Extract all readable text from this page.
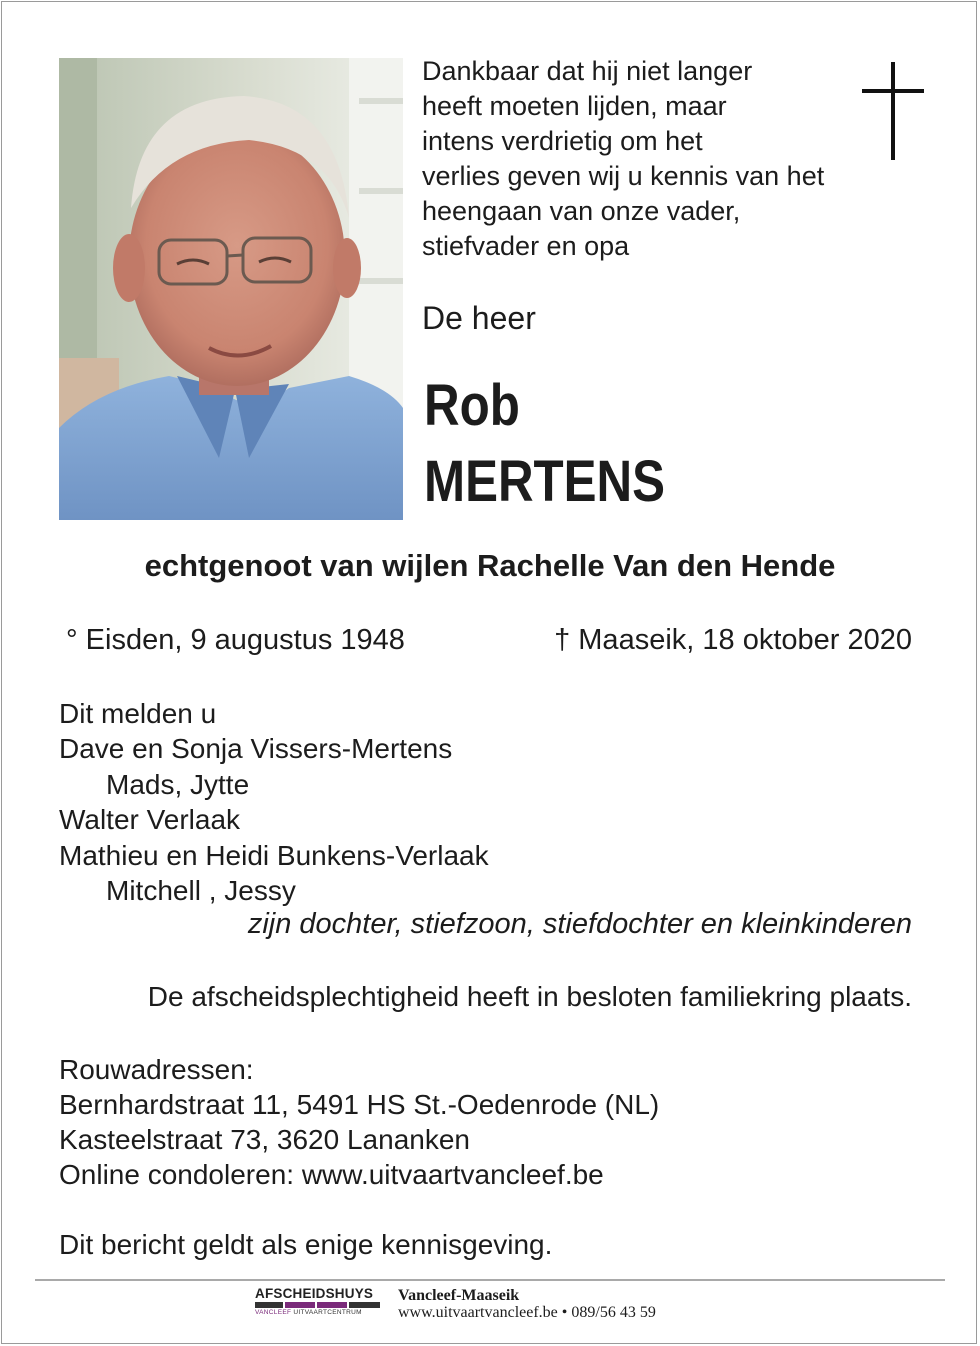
Dankbaar dat hij niet langer
heeft moeten lijden, maar
intens verdrietig om het
verlies geven wij u kennis van het
heengaan van onze vader,
stiefvader en opa
De heer
Rob
MERTENS
echtgenoot van wijlen Rachelle Van den Hende
° Eisden, 9 augustus 1948	† Maaseik, 18 oktober 2020
Dit melden u
Dave en Sonja Vissers-Mertens
Mads, Jytte
Walter Verlaak
Mathieu en Heidi Bunkens-Verlaak
Mitchell , Jessy
zijn dochter, stiefzoon, stiefdochter en kleinkinderen
De afscheidsplechtigheid heeft in besloten familiekring plaats.
Rouwadressen:
Bernhardstraat 11, 5491 HS St.-Oedenrode (NL)
Kasteelstraat 73, 3620 Lananken
Online condoleren: www.uitvaartvancleef.be
Dit bericht geldt als enige kennisgeving.
AFSCHEIDSHUYS
VANCLEEF UITVAARTCENTRUM
Vancleef-Maaseik
www.uitvaartvancleef.be • 089/56 43 59
